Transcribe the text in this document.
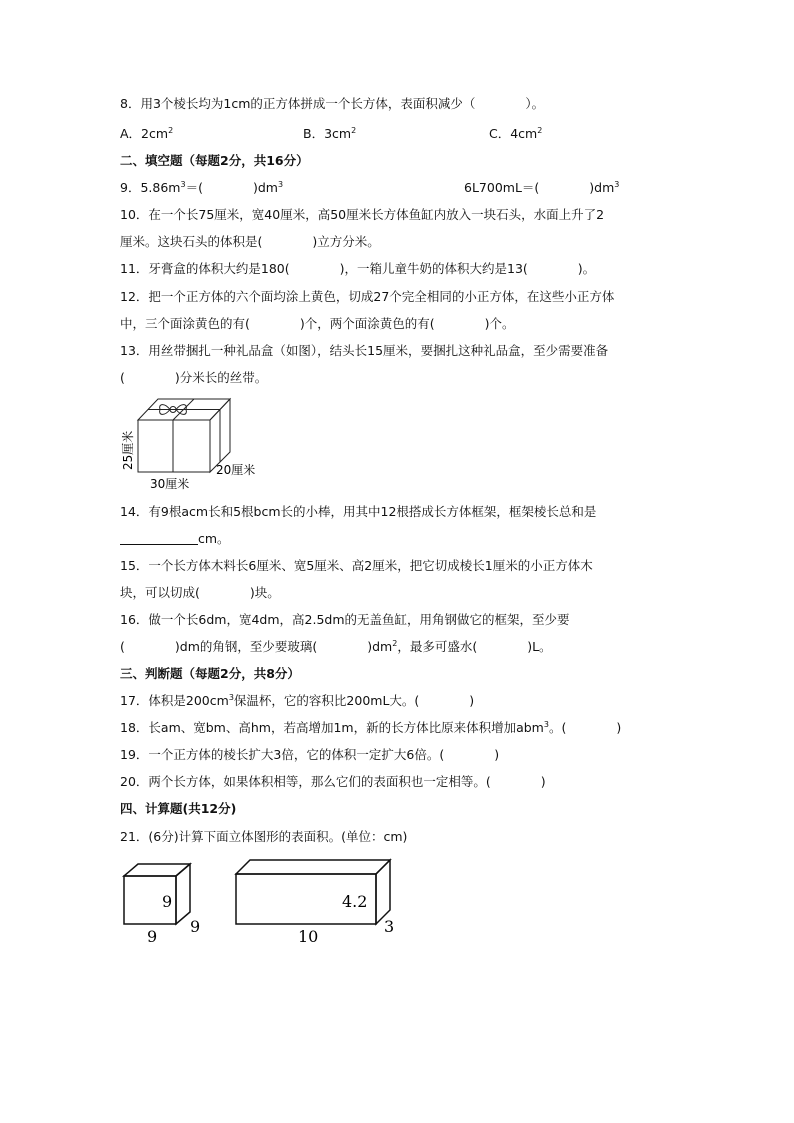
8．用3个棱长均为1cm的正方体拼成一个长方体，表面积减少（　　　　）。
A．$2cm^2$	B．$3cm^2$	C．$4cm^2$
二、填空题（每题2分，共16分）
9．$5.86m^3=$(　　　　)$dm^3$	6L700mL＝(　　　　)$dm^3$
10．在一个长75厘米，宽40厘米，高50厘米长方体鱼缸内放入一块石头，水面上升了2
厘米。这块石头的体积是(　　　　)立方分米。
11．牙膏盒的体积大约是180(　　　　)，一箱儿童牛奶的体积大约是13(　　　　)。
12．把一个正方体的六个面均涂上黄色，切成27个完全相同的小正方体，在这些小正方体
中，三个面涂黄色的有(　　　　)个，两个面涂黄色的有(　　　　)个。
13．用丝带捆扎一种礼品盒（如图），结头长15厘米，要捆扎这种礼品盒，至少需要准备
(　　　　)分米长的丝带。
25厘米
30厘米
20厘米
14．有9根acm长和5根bcm长的小棒，用其中12根搭成长方体框架，框架棱长总和是
cm。
15．一个长方体木料长6厘米、宽5厘米、高2厘米，把它切成棱长1厘米的小正方体木
块，可以切成(　　　　)块。
16．做一个长6dm，宽4dm，高2.5dm的无盖鱼缸，用角钢做它的框架，至少要
(　　　　)dm的角钢，至少要玻璃(　　　　)$dm^2$，最多可盛水(　　　　)L。
三、判断题（每题2分，共8分）
17．体积是$200cm^3$保温杯，它的容积比200mL大。(　　　　)
18．长am、宽bm、高hm，若高增加1m，新的长方体比原来体积增加abm$^3$。(　　　　)
19．一个正方体的棱长扩大3倍，它的体积一定扩大6倍。(　　　　)
20．两个长方体，如果体积相等，那么它们的表面积也一定相等。(　　　　)
四、计算题(共12分)
21．(6分)计算下面立体图形的表面积。(单位：cm)
9
9
9
4.2
10
3
